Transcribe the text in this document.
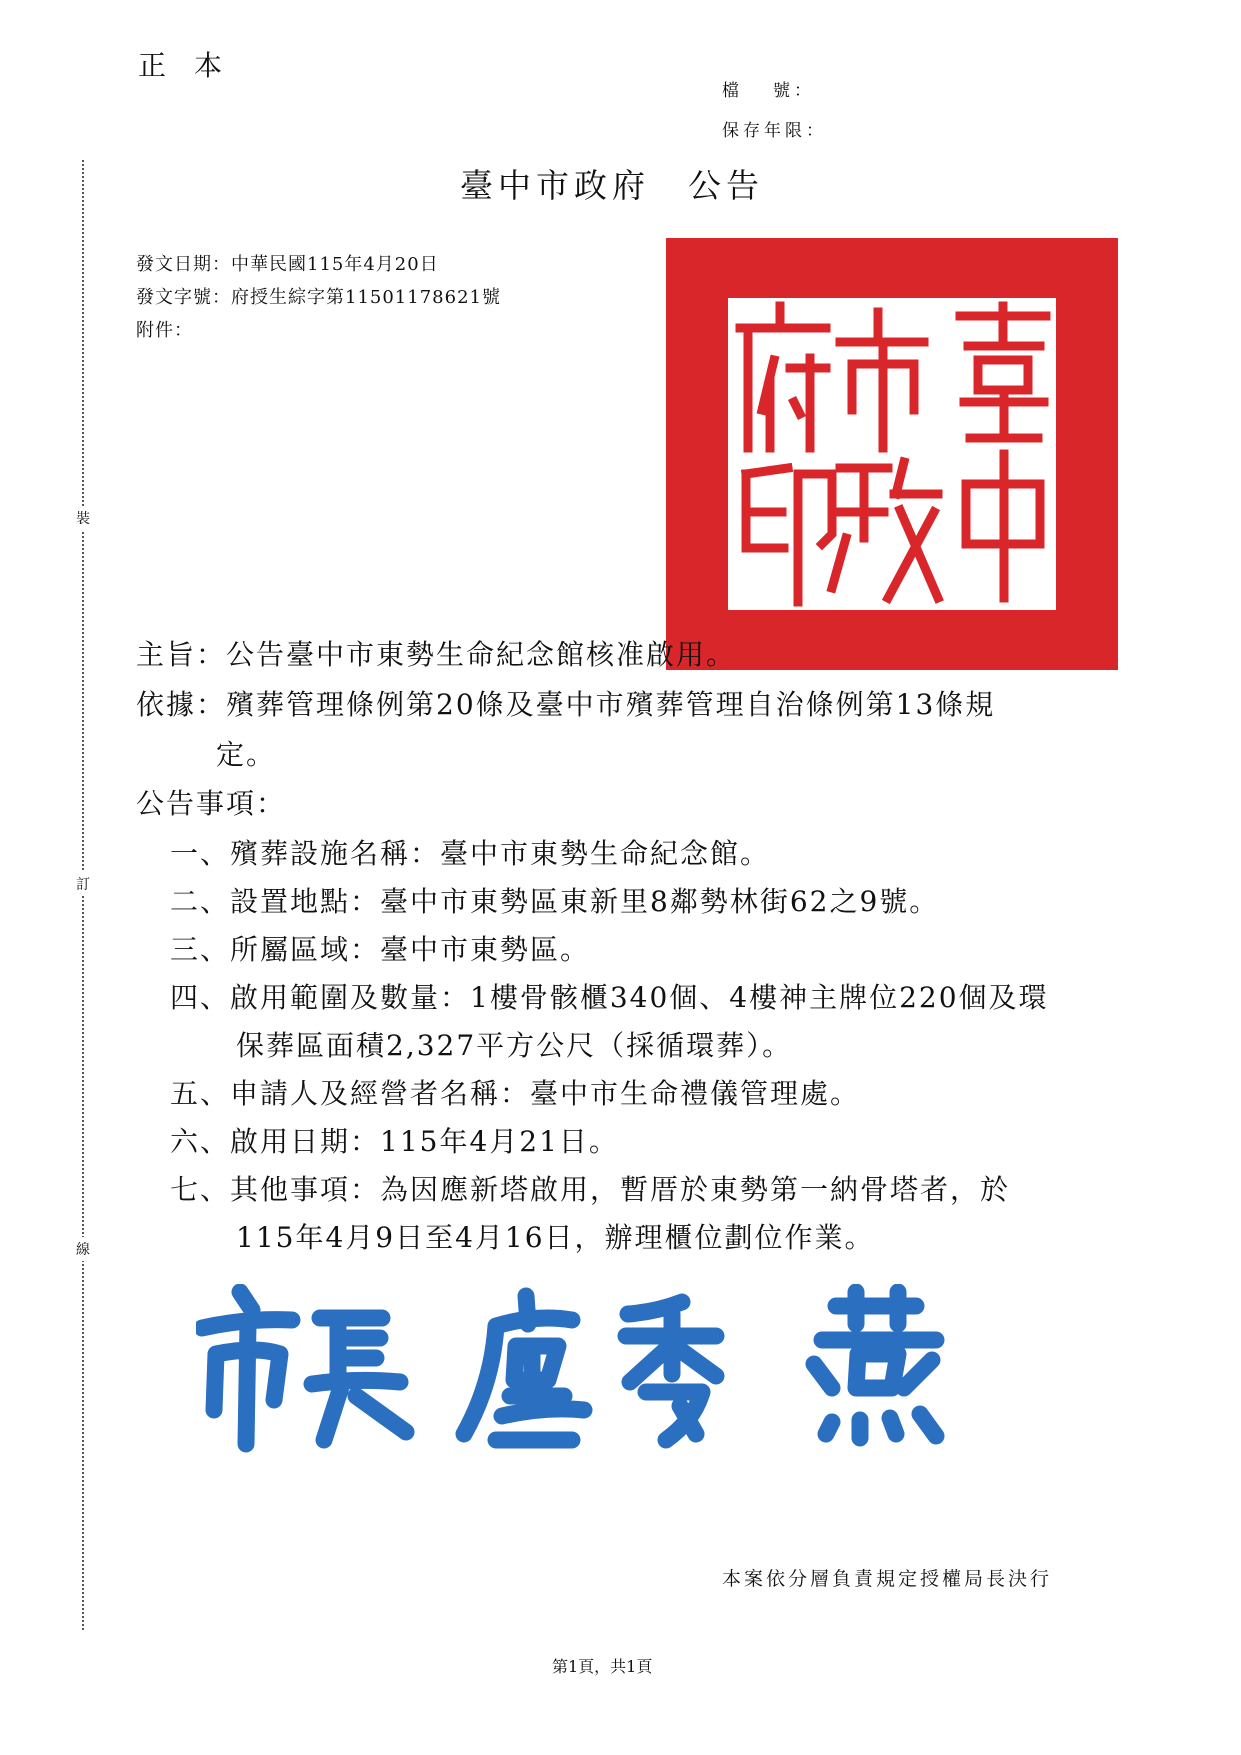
正 本
檔 號：
保存年限：
裝
訂
線
臺中市政府 公告
發文日期：中華民國115年4月20日
發文字號：府授生綜字第11501178621號
附件：
主旨：公告臺中市東勢生命紀念館核准啟用。
依據：殯葬管理條例第20條及臺中市殯葬管理自治條例第13條規
定。
公告事項：
一、殯葬設施名稱：臺中市東勢生命紀念館。
二、設置地點：臺中市東勢區東新里8鄰勢林街62之9號。
三、所屬區域：臺中市東勢區。
四、啟用範圍及數量：1樓骨骸櫃340個、4樓神主牌位220個及環
保葬區面積2,327平方公尺（採循環葬）。
五、申請人及經營者名稱：臺中市生命禮儀管理處。
六、啟用日期：115年4月21日。
七、其他事項：為因應新塔啟用，暫厝於東勢第一納骨塔者，於
115年4月9日至4月16日，辦理櫃位劃位作業。
本案依分層負責規定授權局長決行
第1頁，共1頁
